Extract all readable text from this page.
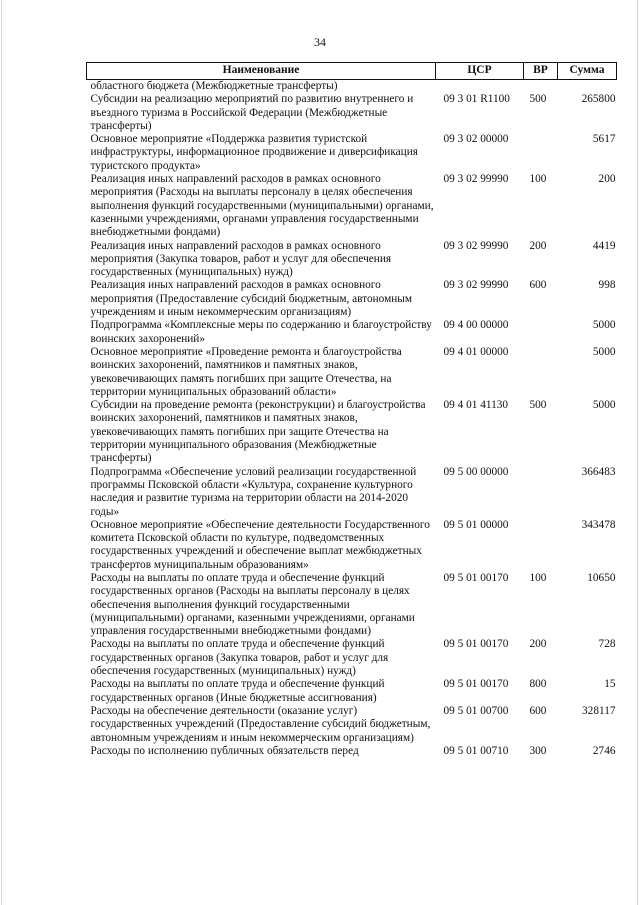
34
Наименование	ЦСР	ВР	Сумма
областного бюджета (Межбюджетные трансферты)			
Субсидии на реализацию мероприятий по развитию внутреннего и въездного туризма в Российской Федерации (Межбюджетные трансферты)	09 3 01 R1100	500	265800
Основное мероприятие «Поддержка развития туристской инфраструктуры, информационное продвижение и диверсификация туристского продукта»	09 3 02 00000		5617
Реализация иных направлений расходов в рамках основного мероприятия (Расходы на выплаты персоналу в целях обеспечения выполнения функций государственными (муниципальными) органами, казенными учреждениями, органами управления государственными внебюджетными фондами)	09 3 02 99990	100	200
Реализация иных направлений расходов в рамках основного мероприятия (Закупка товаров, работ и услуг для обеспечения государственных (муниципальных) нужд)	09 3 02 99990	200	4419
Реализация иных направлений расходов в рамках основного мероприятия (Предоставление субсидий бюджетным, автономным учреждениям и иным некоммерческим организациям)	09 3 02 99990	600	998
Подпрограмма «Комплексные меры по содержанию и благоустройству воинских захоронений»	09 4 00 00000		5000
Основное мероприятие «Проведение ремонта и благоустройства воинских захоронений, памятников и памятных знаков, увековечивающих память погибших при защите Отечества, на территории муниципальных образований области»	09 4 01 00000		5000
Субсидии на проведение ремонта (реконструкции) и благоустройства воинских захоронений, памятников и памятных знаков, увековечивающих память погибших при защите Отечества на территории муниципального образования (Межбюджетные трансферты)	09 4 01 41130	500	5000
Подпрограмма «Обеспечение условий реализации государственной программы Псковской области «Культура, сохранение культурного наследия и развитие туризма на территории области на 2014-2020 годы»	09 5 00 00000		366483
Основное мероприятие «Обеспечение деятельности Государственного комитета Псковской области по культуре, подведомственных государственных учреждений и обеспечение выплат межбюджетных трансфертов муниципальным образованиям»	09 5 01 00000		343478
Расходы на выплаты по оплате труда и обеспечение функций государственных органов (Расходы на выплаты персоналу в целях обеспечения выполнения функций государственными (муниципальными) органами, казенными учреждениями, органами управления государственными внебюджетными фондами)	09 5 01 00170	100	10650
Расходы на выплаты по оплате труда и обеспечение функций государственных органов (Закупка товаров, работ и услуг для обеспечения государственных (муниципальных) нужд)	09 5 01 00170	200	728
Расходы на выплаты по оплате труда и обеспечение функций государственных органов (Иные бюджетные ассигнования)	09 5 01 00170	800	15
Расходы на обеспечение деятельности (оказание услуг) государственных учреждений (Предоставление субсидий бюджетным, автономным учреждениям и иным некоммерческим организациям)	09 5 01 00700	600	328117
Расходы по исполнению публичных обязательств перед	09 5 01 00710	300	2746
